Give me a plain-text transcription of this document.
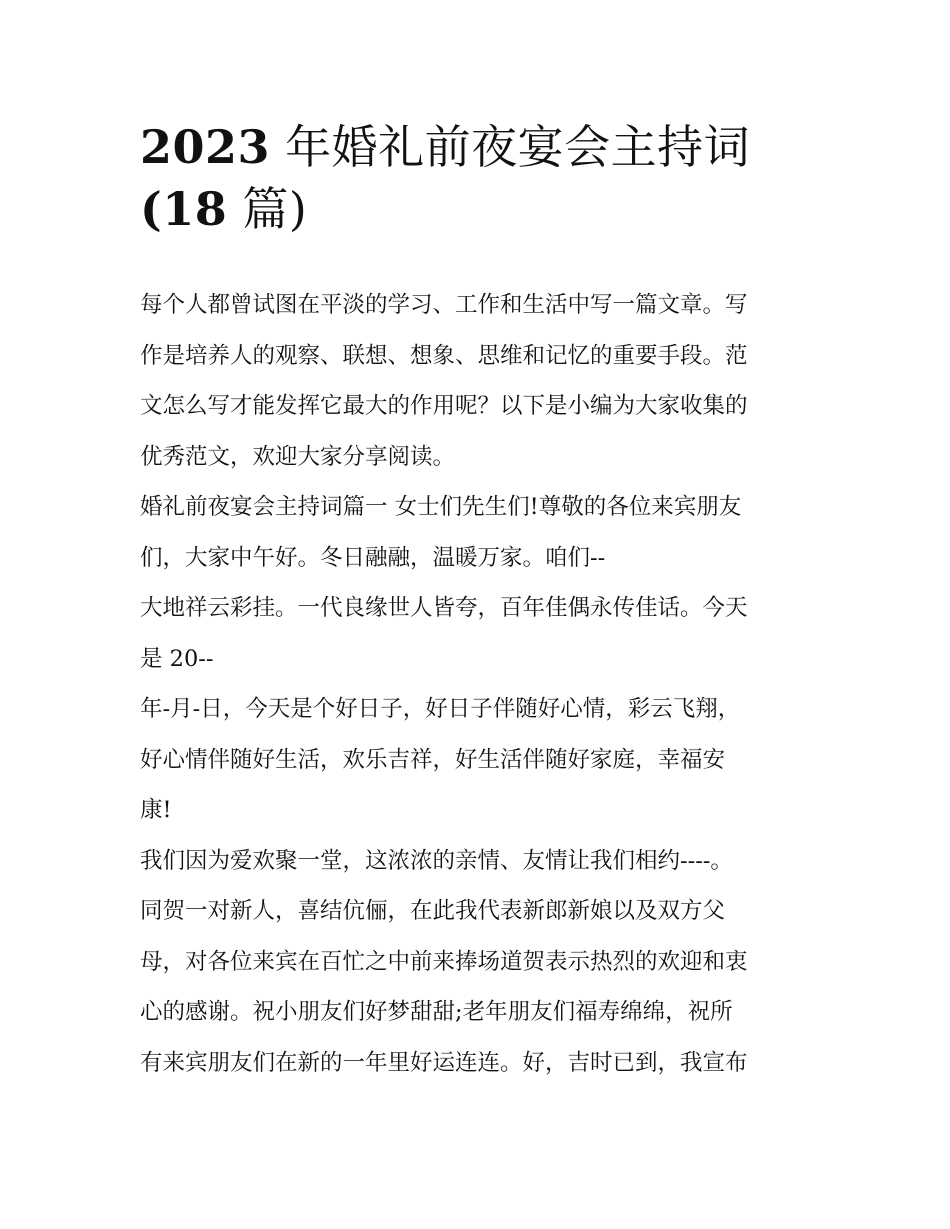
2023 年婚礼前夜宴会主持词
(18 篇)

每个人都曾试图在平淡的学习、工作和生活中写一篇文章。写

作是培养人的观察、联想、想象、思维和记忆的重要手段。范

文怎么写才能发挥它最大的作用呢？以下是小编为大家收集的

优秀范文，欢迎大家分享阅读。

婚礼前夜宴会主持词篇一 女士们先生们!尊敬的各位来宾朋友

们，大家中午好。冬日融融，温暖万家。咱们--

大地祥云彩挂。一代良缘世人皆夸，百年佳偶永传佳话。今天

是 20--

年-月-日，今天是个好日子，好日子伴随好心情，彩云飞翔，

好心情伴随好生活，欢乐吉祥，好生活伴随好家庭，幸福安

康!

我们因为爱欢聚一堂，这浓浓的亲情、友情让我们相约----。

同贺一对新人，喜结伉俪，在此我代表新郎新娘以及双方父

母，对各位来宾在百忙之中前来捧场道贺表示热烈的欢迎和衷

心的感谢。祝小朋友们好梦甜甜;老年朋友们福寿绵绵，祝所

有来宾朋友们在新的一年里好运连连。好，吉时已到，我宣布
